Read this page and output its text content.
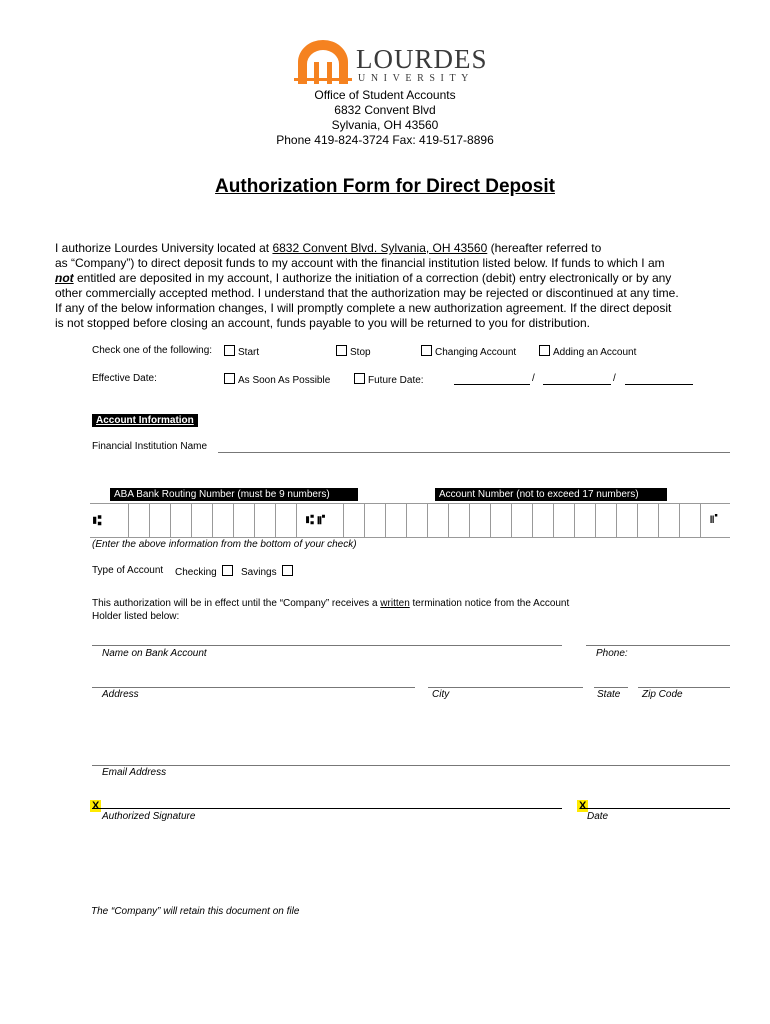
LOURDES
UNIVERSITY
Office of Student Accounts
6832 Convent Blvd
Sylvania, OH 43560
Phone 419-824-3724 Fax: 419-517-8896
Authorization Form for Direct Deposit
I authorize Lourdes University located at 6832 Convent Blvd. Sylvania, OH 43560 (hereafter referred to
as “Company”) to direct deposit funds to my account with the financial institution listed below. If funds to which I am
not entitled are deposited in my account, I authorize the initiation of a correction (debit) entry electronically or by any
other commercially accepted method. I understand that the authorization may be rejected or discontinued at any time.
If any of the below information changes, I will promptly complete a new authorization agreement. If the direct deposit
is not stopped before closing an account, funds payable to you will be returned to you for distribution.
Check one of the following:	Start	Stop	Changing Account	Adding an Account
Effective Date:	As Soon As Possible	Future Date:	/	/
Account Information
Financial Institution Name
ABA Bank Routing Number (must be 9 numbers)	Account Number (not to exceed 17 numbers)
⑆	⑆ ⑈	⑈
(Enter the above information from the bottom of your check)
Type of Account Checking	Savings
This authorization will be in effect until the “Company” receives a written termination notice from the Account
Holder listed below:
Name on Bank Account	Phone:
Address	City	State Zip Code
Email Address
X	X
Authorized Signature	Date
The “Company” will retain this document on file
